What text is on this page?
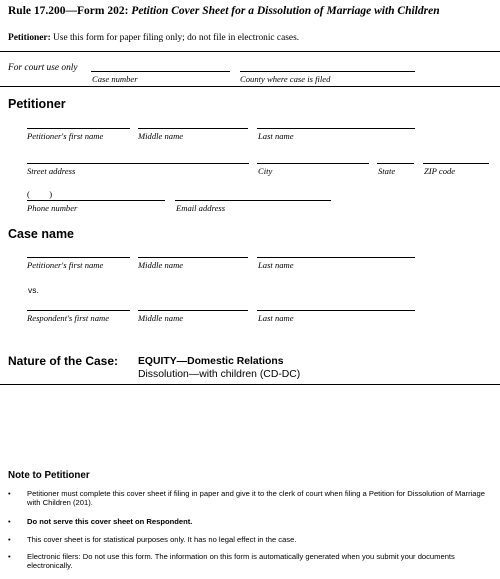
Rule 17.200—Form 202: Petition Cover Sheet for a Dissolution of Marriage with Children
Petitioner: Use this form for paper filing only; do not file in electronic cases.
For court use only
Case number	County where case is filed
Petitioner
Petitioner's first name	Middle name	Last name
Street address	City	State	ZIP code
(         )
Phone number	Email address
Case name
Petitioner's first name	Middle name	Last name
vs.
Respondent's first name	Middle name	Last name
Nature of the Case: EQUITY—Domestic Relations
Dissolution—with children (CD-DC)
Note to Petitioner
• Petitioner must complete this cover sheet if filing in paper and give it to the clerk of court when filing a Petition for Dissolution of Marriage with Children (201).
• Do not serve this cover sheet on Respondent.
• This cover sheet is for statistical purposes only. It has no legal effect in the case.
• Electronic filers: Do not use this form. The information on this form is automatically generated when you submit your documents electronically.
